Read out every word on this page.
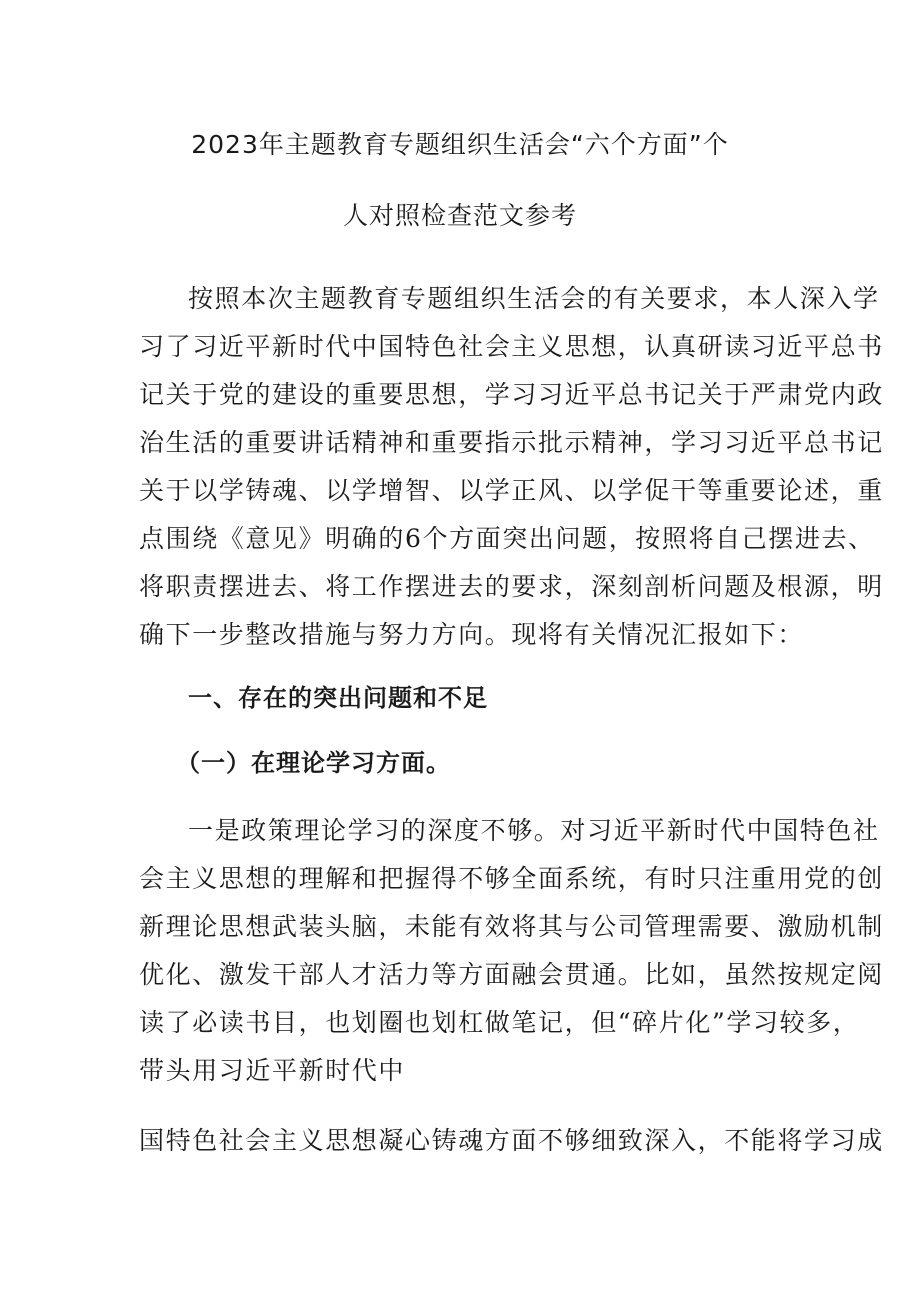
2023年主题教育专题组织生活会“六个方面”个
人对照检查范文参考
按照本次主题教育专题组织生活会的有关要求，本人深入学
习了习近平新时代中国特色社会主义思想，认真研读习近平总书
记关于党的建设的重要思想，学习习近平总书记关于严肃党内政
治生活的重要讲话精神和重要指示批示精神，学习习近平总书记
关于以学铸魂、以学增智、以学正风、以学促干等重要论述，重
点围绕《意见》明确的6个方面突出问题，按照将自己摆进去、
将职责摆进去、将工作摆进去的要求，深刻剖析问题及根源，明
确下一步整改措施与努力方向。现将有关情况汇报如下：
一、存在的突出问题和不足
（一）在理论学习方面。
一是政策理论学习的深度不够。对习近平新时代中国特色社
会主义思想的理解和把握得不够全面系统，有时只注重用党的创
新理论思想武装头脑，未能有效将其与公司管理需要、激励机制
优化、激发干部人才活力等方面融会贯通。比如，虽然按规定阅
读了必读书目，也划圈也划杠做笔记，但“碎片化”学习较多，
带头用习近平新时代中
国特色社会主义思想凝心铸魂方面不够细致深入，不能将学习成
